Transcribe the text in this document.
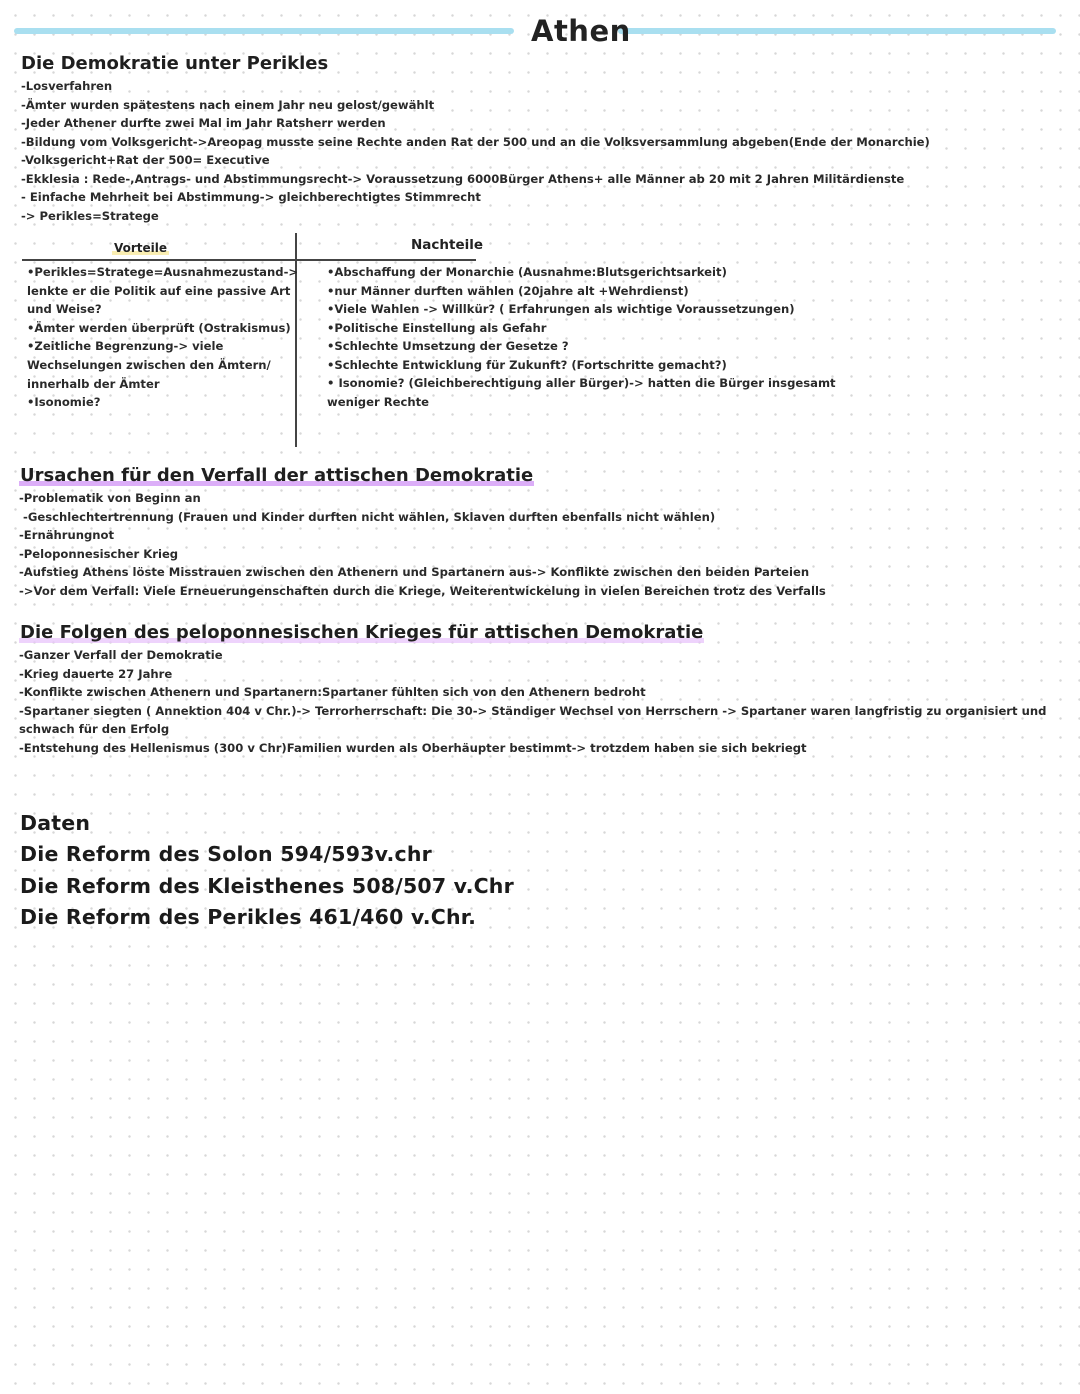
Athen
Die Demokratie unter Perikles
-Losverfahren
-Ämter wurden spätestens nach einem Jahr neu gelost/gewählt
-Jeder Athener durfte zwei Mal im Jahr Ratsherr werden
-Bildung vom Volksgericht->Areopag musste seine Rechte anden Rat der 500 und an die Volksversammlung abgeben(Ende der Monarchie)
-Volksgericht+Rat der 500= Executive
-Ekklesia : Rede-,Antrags- und Abstimmungsrecht-> Voraussetzung 6000Bürger Athens+ alle Männer ab 20 mit 2 Jahren Militärdienste
- Einfache Mehrheit bei Abstimmung-> gleichberechtigtes Stimmrecht
-> Perikles=Stratege
Vorteile	Nachteile
•Perikles=Stratege=Ausnahmezustand->
lenkte er die Politik auf eine passive Art
und Weise?
•Ämter werden überprüft (Ostrakismus)
•Zeitliche Begrenzung-> viele
Wechselungen zwischen den Ämtern/
innerhalb der Ämter
•Isonomie?
•Abschaffung der Monarchie (Ausnahme:Blutsgerichtsarkeit)
•nur Männer durften wählen (20jahre alt +Wehrdienst)
•Viele Wahlen -> Willkür? ( Erfahrungen als wichtige Voraussetzungen)
•Politische Einstellung als Gefahr
•Schlechte Umsetzung der Gesetze ?
•Schlechte Entwicklung für Zukunft? (Fortschritte gemacht?)
• Isonomie? (Gleichberechtigung aller Bürger)-> hatten die Bürger insgesamt
weniger Rechte
Ursachen für den Verfall der attischen Demokratie
-Problematik von Beginn an
-Geschlechtertrennung (Frauen und Kinder durften nicht wählen, Sklaven durften ebenfalls nicht wählen)
-Ernährungnot
-Peloponnesischer Krieg
-Aufstieg Athens löste Misstrauen zwischen den Athenern und Spartanern aus-> Konflikte zwischen den beiden Parteien
->Vor dem Verfall: Viele Erneuerungenschaften durch die Kriege, Weiterentwickelung in vielen Bereichen trotz des Verfalls
Die Folgen des peloponnesischen Krieges für attischen Demokratie
-Ganzer Verfall der Demokratie
-Krieg dauerte 27 Jahre
-Konflikte zwischen Athenern und Spartanern:Spartaner fühlten sich von den Athenern bedroht
-Spartaner siegten ( Annektion 404 v Chr.)-> Terrorherrschaft: Die 30-> Ständiger Wechsel von Herrschern -> Spartaner waren langfristig zu organisiert und
schwach für den Erfolg
-Entstehung des Hellenismus (300 v Chr)Familien wurden als Oberhäupter bestimmt-> trotzdem haben sie sich bekriegt
Daten
Die Reform des Solon 594/593v.chr
Die Reform des Kleisthenes 508/507 v.Chr
Die Reform des Perikles 461/460 v.Chr.
